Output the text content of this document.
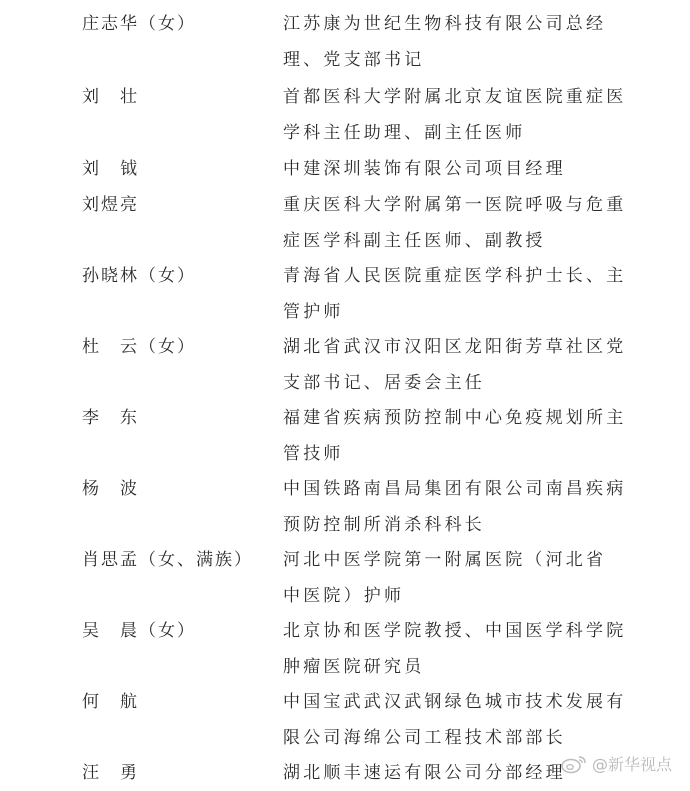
庄志华（女）	江苏康为世纪生物科技有限公司总经
理、党支部书记
刘　壮	首都医科大学附属北京友谊医院重症医
学科主任助理、副主任医师
刘　钺	中建深圳装饰有限公司项目经理
刘煜亮	重庆医科大学附属第一医院呼吸与危重
症医学科副主任医师、副教授
孙晓林（女）	青海省人民医院重症医学科护士长、主
管护师
杜　云（女）	湖北省武汉市汉阳区龙阳街芳草社区党
支部书记、居委会主任
李　东	福建省疾病预防控制中心免疫规划所主
管技师
杨　波	中国铁路南昌局集团有限公司南昌疾病
预防控制所消杀科科长
肖思孟（女、满族） 河北中医学院第一附属医院（河北省
中医院）护师
吴　晨（女）	北京协和医学院教授、中国医学科学院
肿瘤医院研究员
何　航	中国宝武武汉武钢绿色城市技术发展有
限公司海绵公司工程技术部部长
汪　勇	湖北顺丰速运有限公司分部经理	@新华视点
